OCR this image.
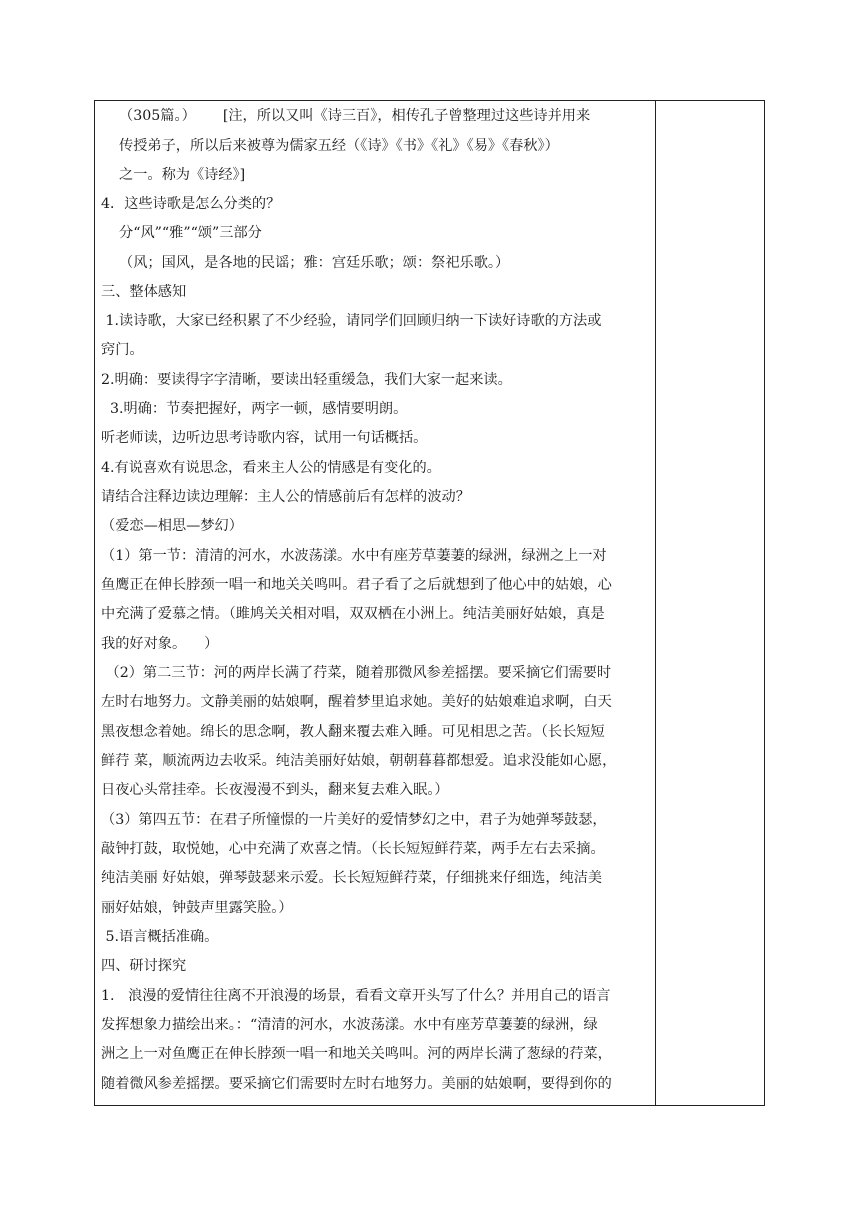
（305篇。）      [注，所以又叫《诗三百》，相传孔子曾整理过这些诗并用来
传授弟子，所以后来被尊为儒家五经（《诗》《书》《礼》《易》《春秋》）
之一。称为《诗经》]
4．这些诗歌是怎么分类的？
分“风”“雅”“颂”三部分
（风；国风，是各地的民谣；雅：宫廷乐歌；颂：祭祀乐歌。）
三、整体感知
1.读诗歌，大家已经积累了不少经验，请同学们回顾归纳一下读好诗歌的方法或
窍门。
2.明确：要读得字字清晰，要读出轻重缓急，我们大家一起来读。
3.明确：节奏把握好，两字一顿，感情要明朗。
听老师读，边听边思考诗歌内容，试用一句话概括。
4.有说喜欢有说思念，看来主人公的情感是有变化的。
请结合注释边读边理解：主人公的情感前后有怎样的波动？
（爱恋—相思—梦幻）
（1）第一节：清清的河水，水波荡漾。水中有座芳草萋萋的绿洲，绿洲之上一对
鱼鹰正在伸长脖颈一唱一和地关关鸣叫。君子看了之后就想到了他心中的姑娘，心
中充满了爱慕之情。（雎鸠关关相对唱，双双栖在小洲上。纯洁美丽好姑娘，真是
我的好对象。    ）
（2）第二三节：河的两岸长满了荇菜，随着那微风参差摇摆。要采摘它们需要时
左时右地努力。文静美丽的姑娘啊，醒着梦里追求她。美好的姑娘难追求啊，白天
黑夜想念着她。绵长的思念啊，教人翻来覆去难入睡。可见相思之苦。（长长短短
鲜荇 菜，顺流两边去收采。纯洁美丽好姑娘，朝朝暮暮都想爱。追求没能如心愿，
日夜心头常挂牵。长夜漫漫不到头，翻来复去难入眠。）
（3）第四五节：在君子所憧憬的一片美好的爱情梦幻之中，君子为她弹琴鼓瑟，
敲钟打鼓，取悦她，心中充满了欢喜之情。（长长短短鲜荇菜，两手左右去采摘。
纯洁美丽 好姑娘，弹琴鼓瑟来示爱。长长短短鲜荇菜，仔细挑来仔细选，纯洁美
丽好姑娘，钟鼓声里露笑脸。）
5.语言概括准确。
四、研讨探究
1.   浪漫的爱情往往离不开浪漫的场景，看看文章开头写了什么？并用自己的语言
发挥想象力描绘出来。：“清清的河水，水波荡漾。水中有座芳草萋萋的绿洲，绿
洲之上一对鱼鹰正在伸长脖颈一唱一和地关关鸣叫。河的两岸长满了葱绿的荇菜，
随着微风参差摇摆。要采摘它们需要时左时右地努力。美丽的姑娘啊，要得到你的
